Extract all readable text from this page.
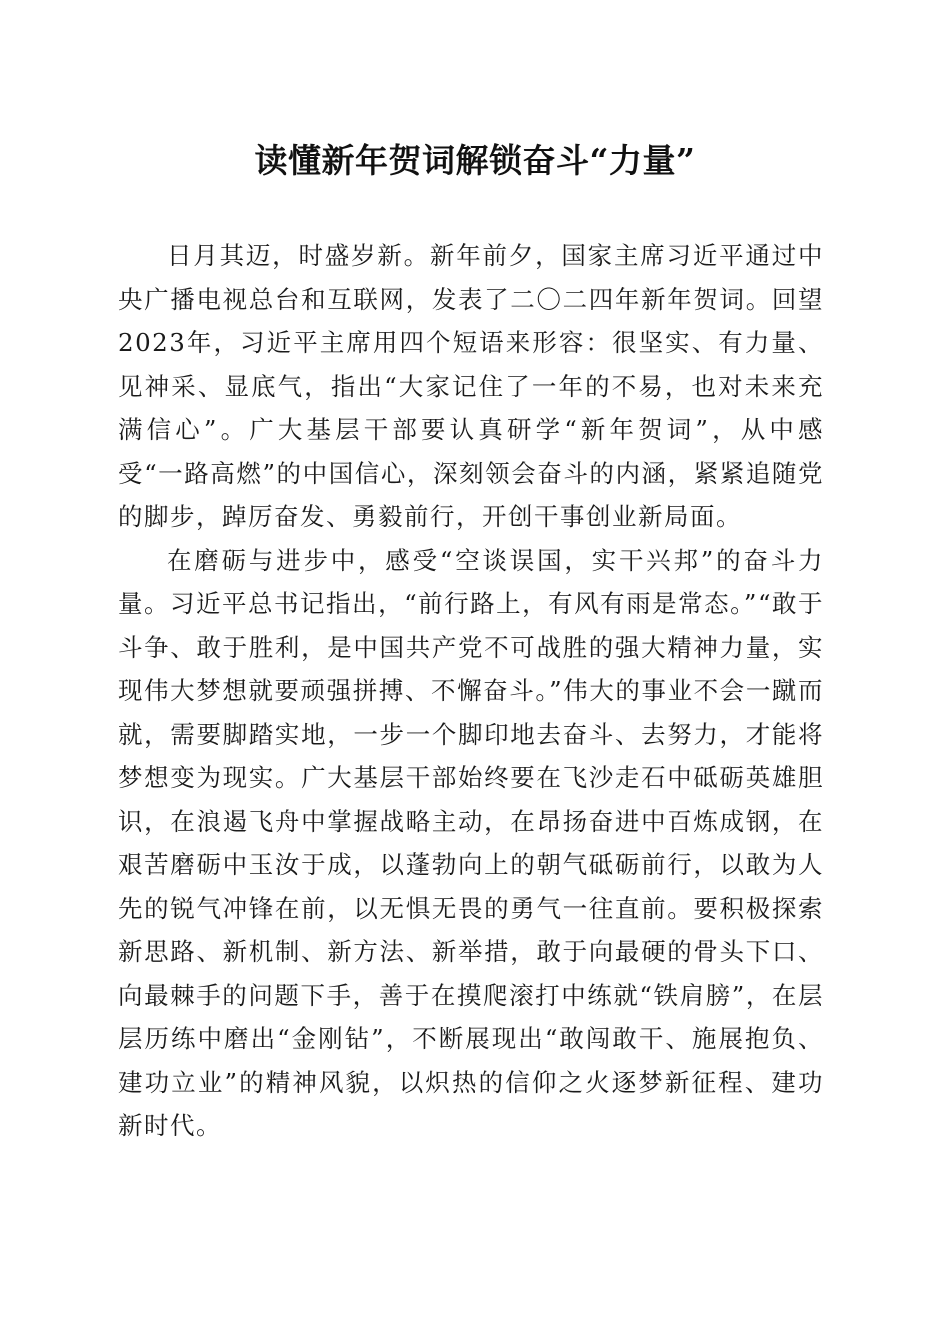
读懂新年贺词解锁奋斗“力量”

日月其迈，时盛岁新。新年前夕，国家主席习近平通过中央广播电视总台和互联网，发表了二〇二四年新年贺词。回望2023年，习近平主席用四个短语来形容：很坚实、有力量、见神采、显底气，指出“大家记住了一年的不易，也对未来充满信心”。广大基层干部要认真研学“新年贺词”，从中感受“一路高燃”的中国信心，深刻领会奋斗的内涵，紧紧追随党的脚步，踔厉奋发、勇毅前行，开创干事创业新局面。

在磨砺与进步中，感受“空谈误国，实干兴邦”的奋斗力量。习近平总书记指出，“前行路上，有风有雨是常态。”“敢于斗争、敢于胜利，是中国共产党不可战胜的强大精神力量，实现伟大梦想就要顽强拼搏、不懈奋斗。”伟大的事业不会一蹴而就，需要脚踏实地，一步一个脚印地去奋斗、去努力，才能将梦想变为现实。广大基层干部始终要在飞沙走石中砥砺英雄胆识，在浪遏飞舟中掌握战略主动，在昂扬奋进中百炼成钢，在艰苦磨砺中玉汝于成，以蓬勃向上的朝气砥砺前行，以敢为人先的锐气冲锋在前，以无惧无畏的勇气一往直前。要积极探索新思路、新机制、新方法、新举措，敢于向最硬的骨头下口、向最棘手的问题下手，善于在摸爬滚打中练就“铁肩膀”，在层层历练中磨出“金刚钻”，不断展现出“敢闯敢干、施展抱负、建功立业”的精神风貌，以炽热的信仰之火逐梦新征程、建功新时代。
